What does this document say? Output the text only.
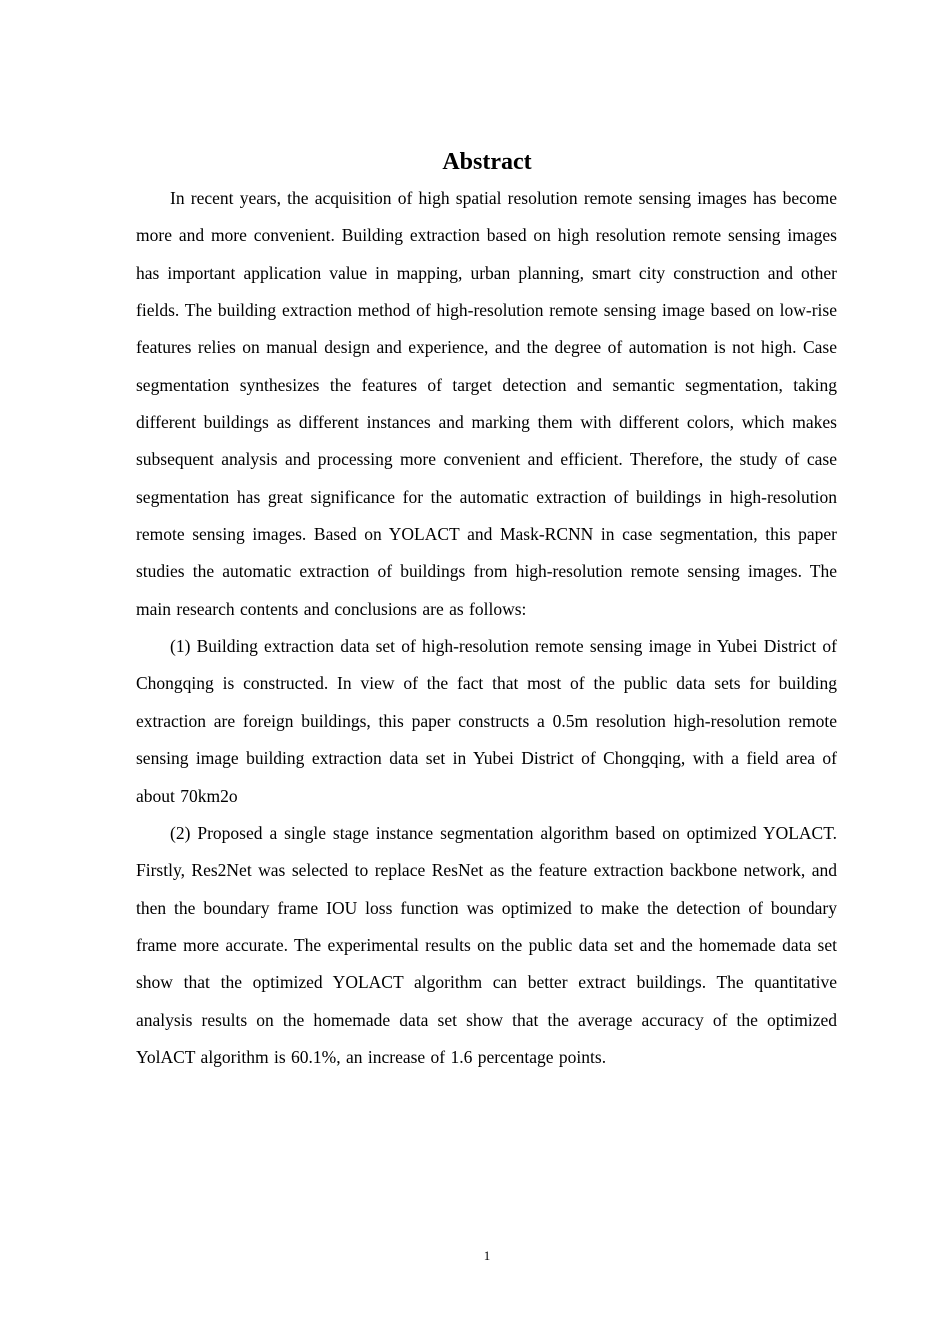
Abstract

In recent years, the acquisition of high spatial resolution remote sensing images has become more and more convenient. Building extraction based on high resolution remote sensing images has important application value in mapping, urban planning, smart city construction and other fields. The building extraction method of high-resolution remote sensing image based on low-rise features relies on manual design and experience, and the degree of automation is not high. Case segmentation synthesizes the features of target detection and semantic segmentation, taking different buildings as different instances and marking them with different colors, which makes subsequent analysis and processing more convenient and efficient. Therefore, the study of case segmentation has great significance for the automatic extraction of buildings in high-resolution remote sensing images. Based on YOLACT and Mask-RCNN in case segmentation, this paper studies the automatic extraction of buildings from high-resolution remote sensing images. The main research contents and conclusions are as follows:

(1) Building extraction data set of high-resolution remote sensing image in Yubei District of Chongqing is constructed. In view of the fact that most of the public data sets for building extraction are foreign buildings, this paper constructs a 0.5m resolution high-resolution remote sensing image building extraction data set in Yubei District of Chongqing, with a field area of about 70km2o

(2) Proposed a single stage instance segmentation algorithm based on optimized YOLACT. Firstly, Res2Net was selected to replace ResNet as the feature extraction backbone network, and then the boundary frame IOU loss function was optimized to make the detection of boundary frame more accurate. The experimental results on the public data set and the homemade data set show that the optimized YOLACT algorithm can better extract buildings. The quantitative analysis results on the homemade data set show that the average accuracy of the optimized YolACT algorithm is 60.1%, an increase of 1.6 percentage points.

1
